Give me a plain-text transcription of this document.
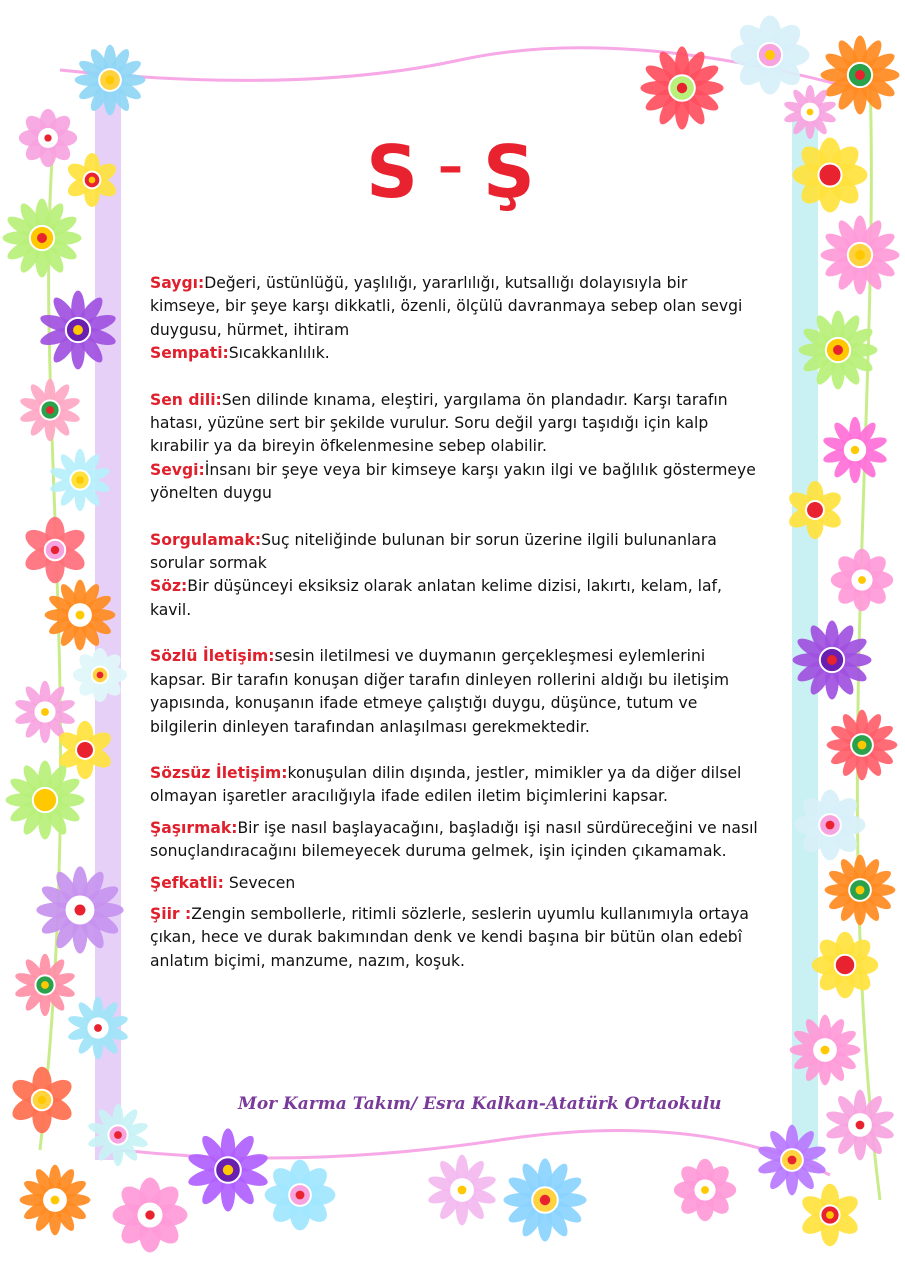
S – Ş

Saygı:Değeri, üstünlüğü, yaşlılığı, yararlılığı, kutsallığı dolayısıyla bir kimseye, bir şeye karşı dikkatli, özenli, ölçülü davranmaya sebep olan sevgi duygusu, hürmet, ihtiram

Sempati:Sıcakkanlılık.

Sen dili:Sen dilinde kınama, eleştiri, yargılama ön plandadır. Karşı tarafın hatası, yüzüne sert bir şekilde vurulur. Soru değil yargı taşıdığı için kalp kırabilir ya da bireyin öfkelenmesine sebep olabilir.

Sevgi:İnsanı bir şeye veya bir kimseye karşı yakın ilgi ve bağlılık göstermeye yönelten duygu

Sorgulamak:Suç niteliğinde bulunan bir sorun üzerine ilgili bulunanlara sorular sormak

Söz:Bir düşünceyi eksiksiz olarak anlatan kelime dizisi, lakırtı, kelam, laf, kavil.

Sözlü İletişim:sesin iletilmesi ve duymanın gerçekleşmesi eylemlerini kapsar. Bir tarafın konuşan diğer tarafın dinleyen rollerini aldığı bu iletişim yapısında, konuşanın ifade etmeye çalıştığı duygu, düşünce, tutum ve bilgilerin dinleyen tarafından anlaşılması gerekmektedir.

Sözsüz İletişim:konuşulan dilin dışında, jestler, mimikler ya da diğer dilsel olmayan işaretler aracılığıyla ifade edilen iletim biçimlerini kapsar.

Şaşırmak:Bir işe nasıl başlayacağını, başladığı işi nasıl sürdüreceğini ve nasıl sonuçlandıracağını bilemeyecek duruma gelmek, işin içinden çıkamamak.

Şefkatli: Sevecen

Şiir :Zengin sembollerle, ritimli sözlerle, seslerin uyumlu kullanımıyla ortaya çıkan, hece ve durak bakımından denk ve kendi başına bir bütün olan edebî anlatım biçimi, manzume, nazım, koşuk.

Mor Karma Takım/ Esra Kalkan-Atatürk Ortaokulu
